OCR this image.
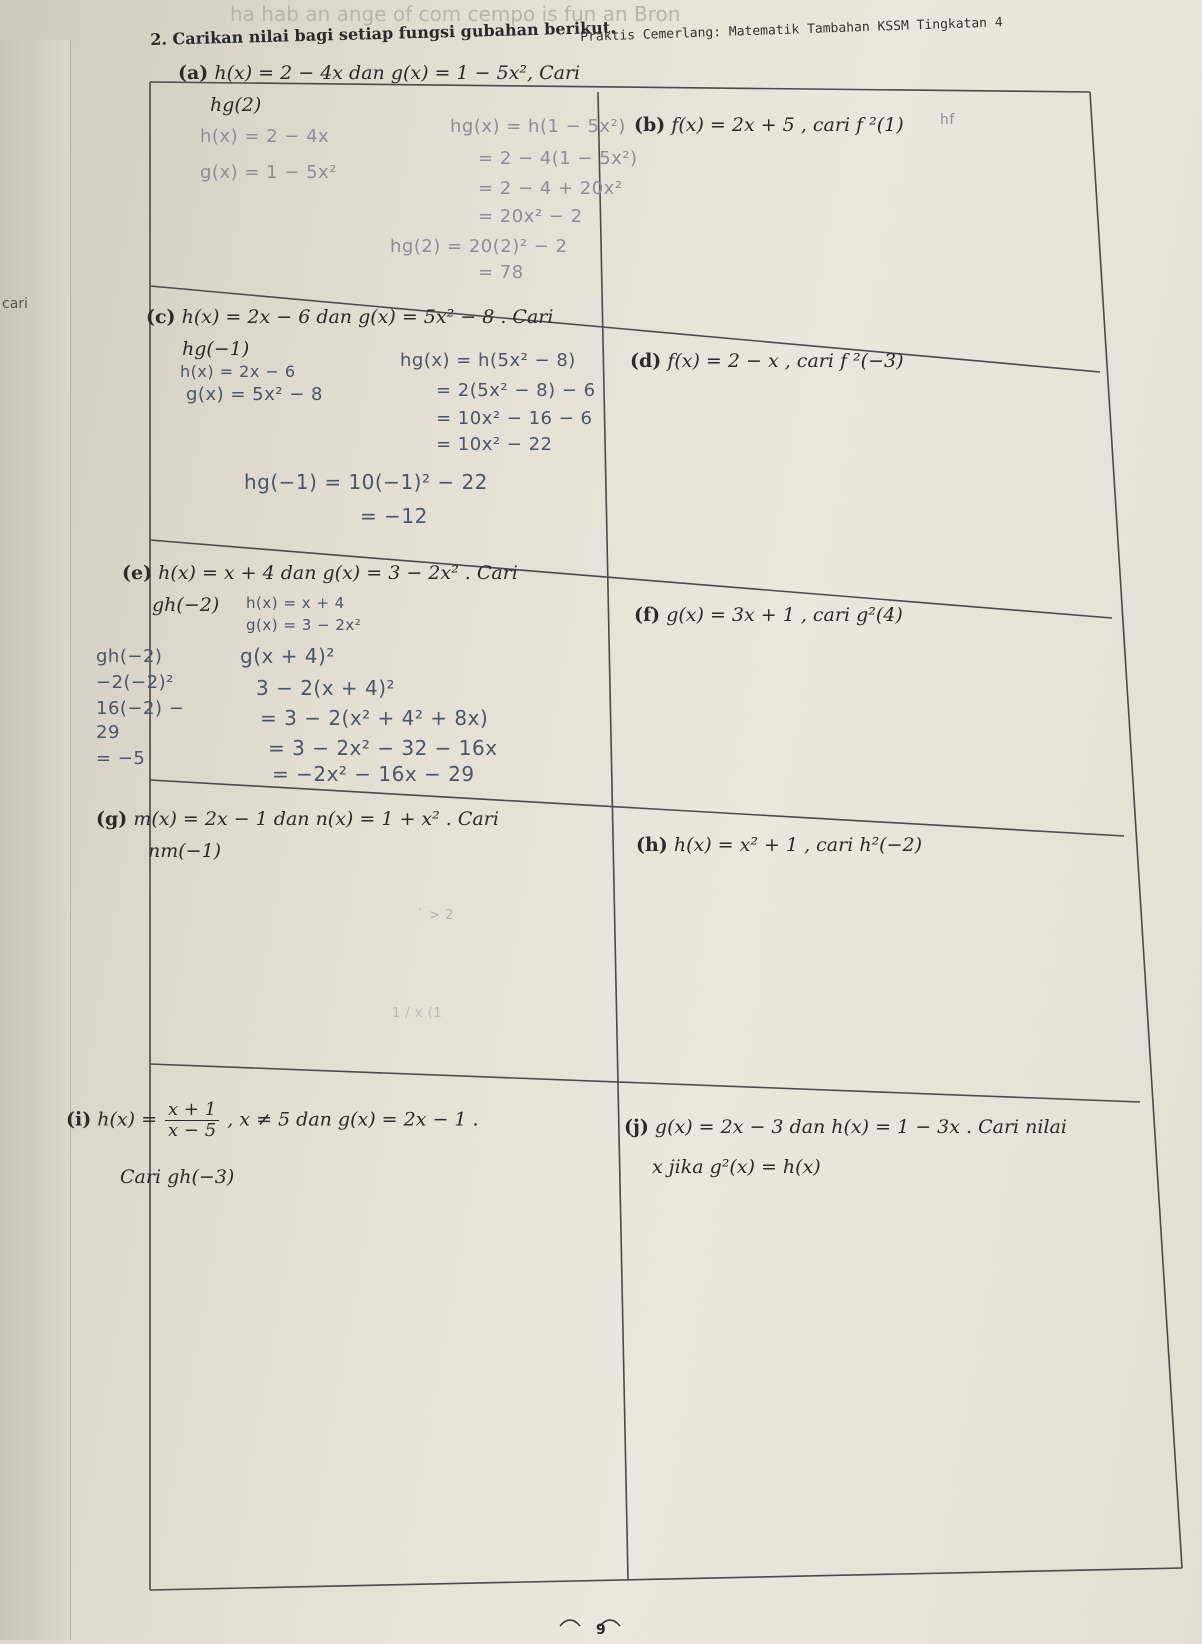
cari
ha hab an ange of com cempo is fun an Bron
Praktis Cemerlang: Matematik Tambahan KSSM Tingkatan 4
2. Carikan nilai bagi setiap fungsi gubahan berikut.
(a) h(x) = 2 − 4x dan g(x) = 1 − 5x², Cari
hg(2)
(b) f(x) = 2x + 5 , cari f ²(1)
(c) h(x) = 2x − 6 dan g(x) = 5x² − 8 . Cari
hg(−1)
(d) f(x) = 2 − x , cari f ²(−3)
(e) h(x) = x + 4 dan g(x) = 3 − 2x² . Cari
gh(−2)	(f) g(x) = 3x + 1 , cari g²(4)
(g) m(x) = 2x − 1 dan n(x) = 1 + x² . Cari
nm(−1)	(h) h(x) = x² + 1 , cari h²(−2)
(i) $h(x) = \frac{x + 1}{x - 5}$ , x ≠ 5 dan g(x) = 2x − 1 .
Cari gh(−3)
(j) g(x) = 2x − 3 dan h(x) = 1 − 3x . Cari nilai
x jika g²(x) = h(x)
h(x) = 2 − 4x
g(x) = 1 − 5x²
hg(x) = h(1 − 5x²)
= 2 − 4(1 − 5x²)
= 2 − 4 + 20x²
= 20x² − 2
hg(2) = 20(2)² − 2
= 78
hf
h(x) = 2x − 6
g(x) = 5x² − 8
hg(x) = h(5x² − 8)
= 2(5x² − 8) − 6
= 10x² − 16 − 6
= 10x² − 22
hg(−1) = 10(−1)² − 22
= −12
h(x) = x + 4
g(x) = 3 − 2x²
gh(−2)
−2(−2)²
16(−2) −
29
= −5
g(x + 4)²
3 − 2(x + 4)²
= 3 − 2(x² + 4² + 8x)
= 3 − 2x² − 32 − 16x
= −2x² − 16x − 29
̀ > 2
1 / x (1
9
